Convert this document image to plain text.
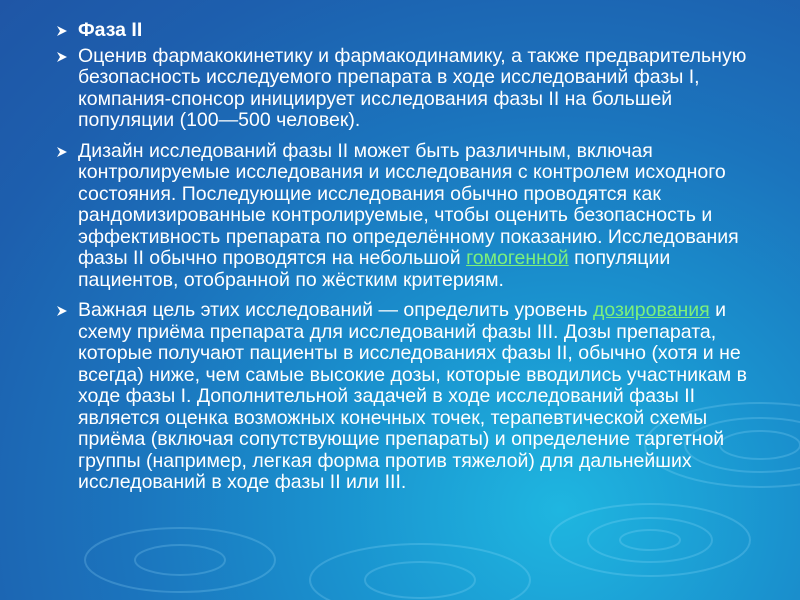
Фаза II
Оценив фармакокинетику и фармакодинамику, а также предварительную безопасность исследуемого препарата в ходе исследований фазы I, компания-спонсор инициирует исследования фазы II на большей популяции (100—500 человек).
Дизайн исследований фазы II может быть различным, включая контролируемые исследования и исследования с контролем исходного состояния. Последующие исследования обычно проводятся как рандомизированные контролируемые, чтобы оценить безопасность и эффективность препарата по определённому показанию. Исследования фазы II обычно проводятся на небольшой гомогенной популяции пациентов, отобранной по жёстким критериям.
Важная цель этих исследований — определить уровень дозирования и схему приёма препарата для исследований фазы III. Дозы препарата, которые получают пациенты в исследованиях фазы II, обычно (хотя и не всегда) ниже, чем самые высокие дозы, которые вводились участникам в ходе фазы I. Дополнительной задачей в ходе исследований фазы II является оценка возможных конечных точек, терапевтической схемы приёма (включая сопутствующие препараты) и определение таргетной группы (например, легкая форма против тяжелой) для дальнейших исследований в ходе фазы II или III.
